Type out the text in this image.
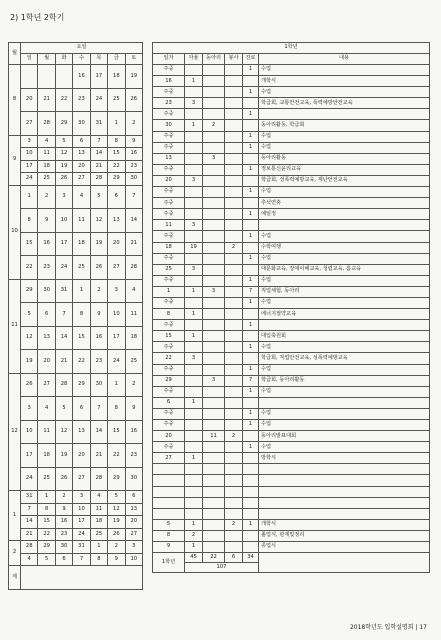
2) 1학년 2학기
월	요일						
	일	월	화	수	목	금	토
8				16	17	18	19
	20	21	22	23	24	25	26
	27	28	29	30	31	1	2
9	3	4	5	6	7	8	9
	10	11	12	13	14	15	16
	17	18	19	20	21	22	23
	24	25	26	27	28	29	30
10	1	2	3	4	5	6	7
	8	9	10	11	12	13	14
	15	16	17	18	19	20	21
	22	23	24	25	26	27	28
11	29	30	31	1	2	3	4
	5	6	7	8	9	10	11
	12	13	14	15	16	17	18
	19	20	21	22	23	24	25
12	26	27	28	29	30	1	2
	3	4	5	6	7	8	9
	10	11	12	13	14	15	16
	17	18	19	20	21	22	23
	24	25	26	27	28	29	30
1	31	1	2	3	4	5	6
	7	8	9	10	11	12	13
	14	15	16	17	18	19	20
	21	22	23	24	25	26	27
2	28	29	30	31	1	2	3
	4	5	6	7	8	9	10
계							
1학년					
일자	자율	동아리	봉사	진로	내용
주중				1	수업
16	1				개학식
주중				1	수업
23	3				학급회, 교통안전교육, 폭력예방안전교육
주중				1	
30	1	2			동아리활동, 학급회
주중				1	수업
주중				1	수업
13		3			동아리활동
주중				1	정보통신윤리교육
20	3				학급회, 성폭력예방교육, 재난안전교육
주중				1	수업
주중					추석연휴
주중				1	예일정
11	3				
주중				1	수업
18	19		2		수학여행
주중				1	수업
25	3				대문화교육, 장애이해교육, 청렴교육, 흡교육
주중				1	수업
1	1	3		7	직업체험, 동아리
주중				1	수업
8	1				에너지절약교육
주중				1	
15	1				대입축원회
주중				1	수업
22	3				학급회, 직업안전교육, 성폭력예방교육
주중				1	수업
29		3		7	학급회, 동아리활동
주중				1	수업
6	1				
주중				1	수업
주중				1	수업
20		11	2		동아리발표대회
주중				1	수업
27	1				방학식

5	1		2	1	개학식
8	2				졸업식, 관계및정리
9	1				종업식
1학년	45	22	6	34	
	107				
2018학년도 입학설명회 | 17
